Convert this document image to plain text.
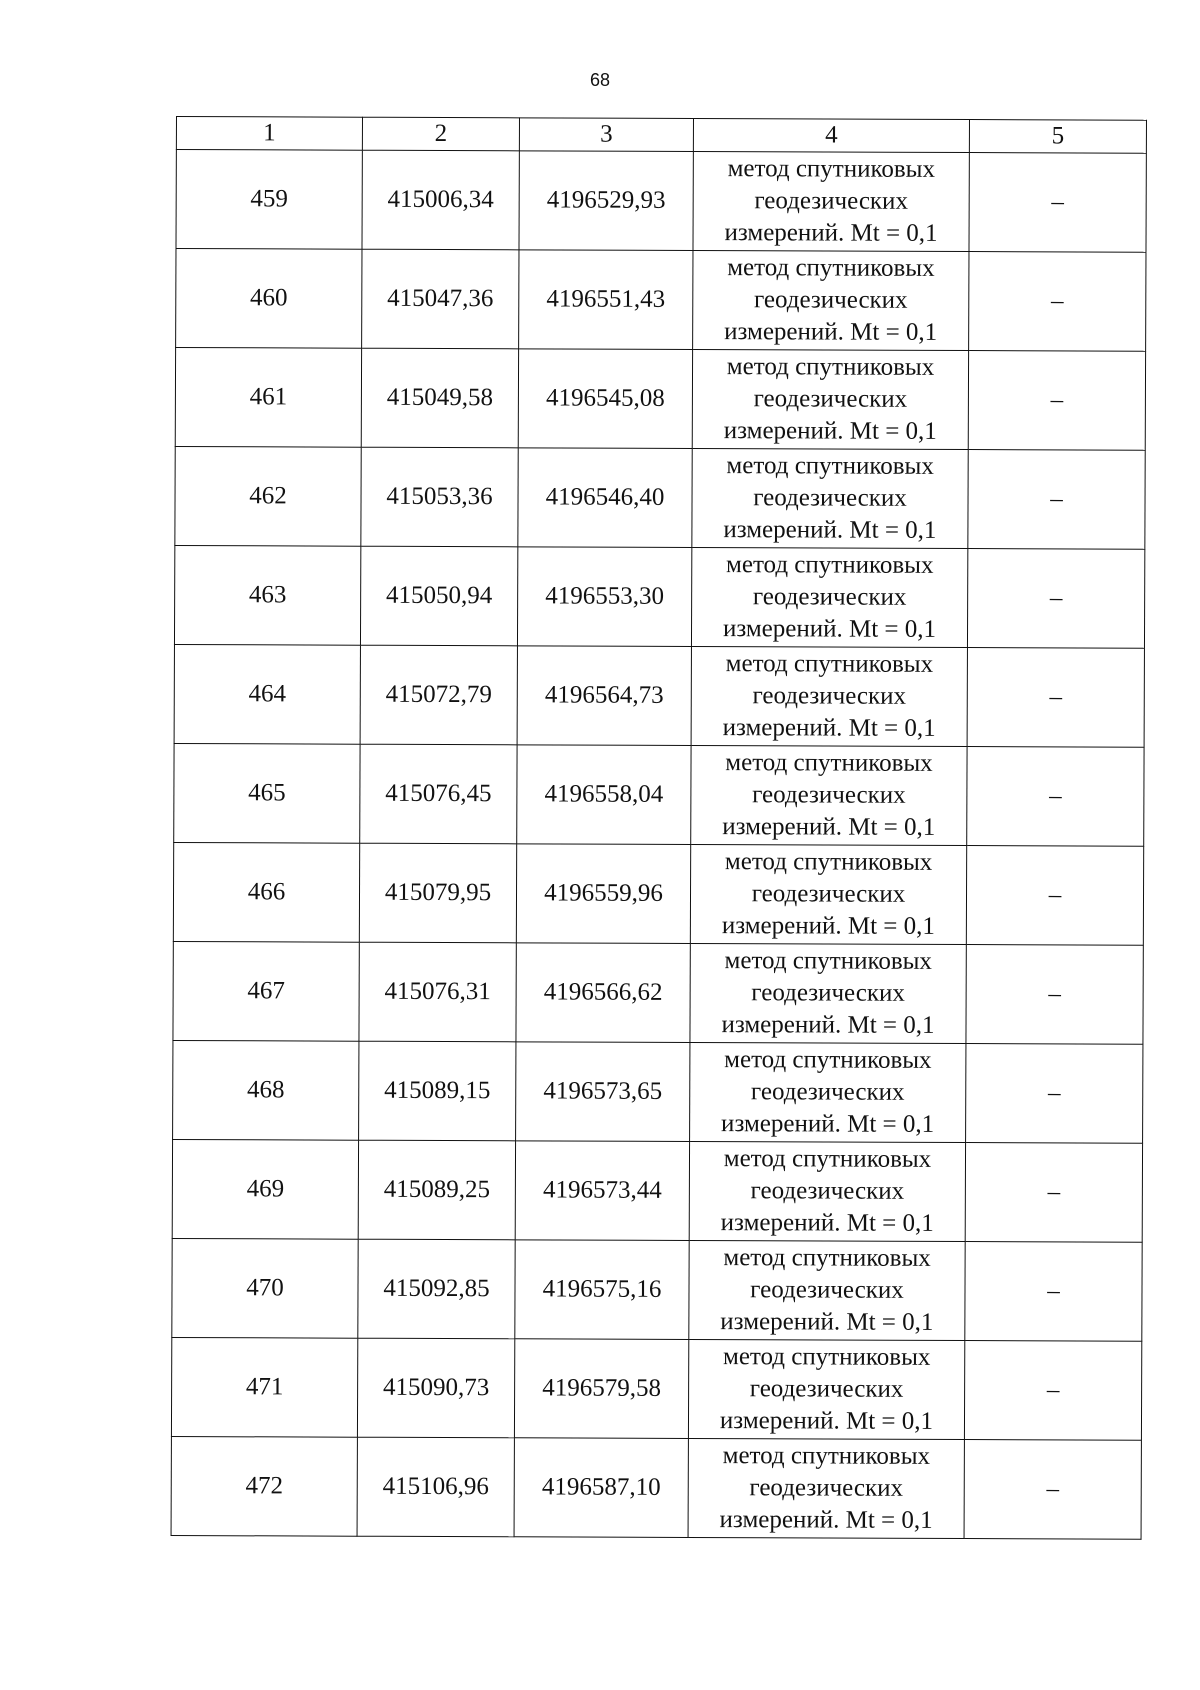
68
1	2	3	4	5
459	415006,34	4196529,93	метод спутниковых
геодезических
измерений. Mt = 0,1	–
460	415047,36	4196551,43	метод спутниковых
геодезических
измерений. Mt = 0,1	–
461	415049,58	4196545,08	метод спутниковых
геодезических
измерений. Mt = 0,1	–
462	415053,36	4196546,40	метод спутниковых
геодезических
измерений. Mt = 0,1	–
463	415050,94	4196553,30	метод спутниковых
геодезических
измерений. Mt = 0,1	–
464	415072,79	4196564,73	метод спутниковых
геодезических
измерений. Mt = 0,1	–
465	415076,45	4196558,04	метод спутниковых
геодезических
измерений. Mt = 0,1	–
466	415079,95	4196559,96	метод спутниковых
геодезических
измерений. Mt = 0,1	–
467	415076,31	4196566,62	метод спутниковых
геодезических
измерений. Mt = 0,1	–
468	415089,15	4196573,65	метод спутниковых
геодезических
измерений. Mt = 0,1	–
469	415089,25	4196573,44	метод спутниковых
геодезических
измерений. Mt = 0,1	–
470	415092,85	4196575,16	метод спутниковых
геодезических
измерений. Mt = 0,1	–
471	415090,73	4196579,58	метод спутниковых
геодезических
измерений. Mt = 0,1	–
472	415106,96	4196587,10	метод спутниковых
геодезических
измерений. Mt = 0,1	–
